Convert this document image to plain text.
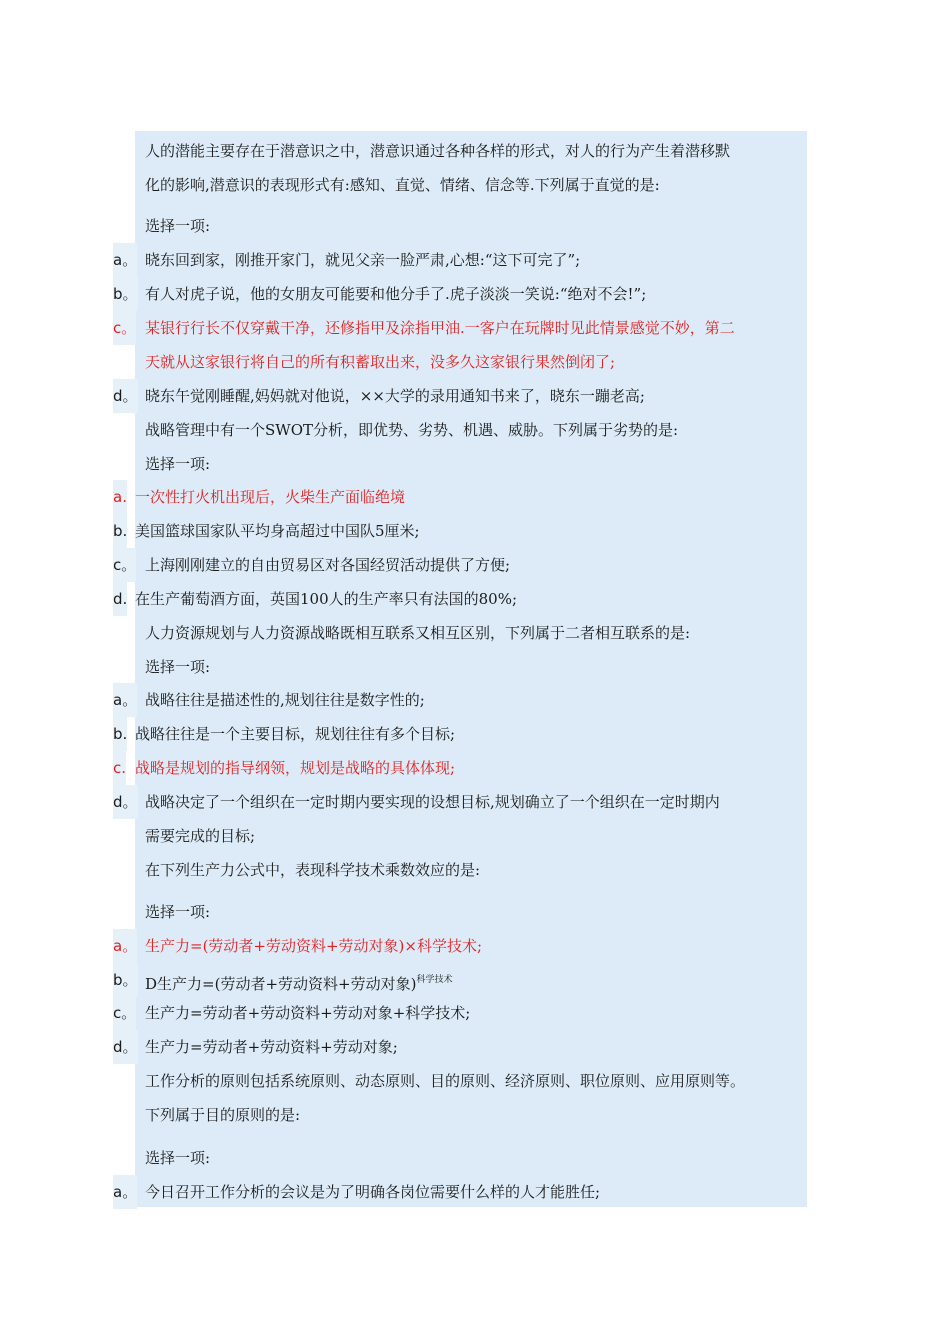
人的潜能主要存在于潜意识之中，潜意识通过各种各样的形式，对人的行为产生着潜移默
化的影响,潜意识的表现形式有:感知、直觉、情绪、信念等.下列属于直觉的是:
选择一项:
a。 晓东回到家，刚推开家门，就见父亲一脸严肃,心想:“这下可完了”;
b。 有人对虎子说，他的女朋友可能要和他分手了.虎子淡淡一笑说:“绝对不会!”;
c。 某银行行长不仅穿戴干净，还修指甲及涂指甲油.一客户在玩牌时见此情景感觉不妙，第二
天就从这家银行将自己的所有积蓄取出来，没多久这家银行果然倒闭了;
d。 晓东午觉刚睡醒,妈妈就对他说，××大学的录用通知书来了，晓东一蹦老高;
战略管理中有一个SWOT分析，即优势、劣势、机遇、威胁。下列属于劣势的是:
选择一项:
a. 一次性打火机出现后，火柴生产面临绝境
b. 美国篮球国家队平均身高超过中国队5厘米;
c。 上海刚刚建立的自由贸易区对各国经贸活动提供了方便;
d. 在生产葡萄酒方面，英国100人的生产率只有法国的80%;
人力资源规划与人力资源战略既相互联系又相互区别，下列属于二者相互联系的是:
选择一项:
a。 战略往往是描述性的,规划往往是数字性的;
b. 战略往往是一个主要目标，规划往往有多个目标;
c. 战略是规划的指导纲领，规划是战略的具体体现;
d。 战略决定了一个组织在一定时期内要实现的设想目标,规划确立了一个组织在一定时期内
需要完成的目标;
在下列生产力公式中，表现科学技术乘数效应的是:
选择一项:
a。 生产力=(劳动者+劳动资料+劳动对象)×科学技术;
b。 D生产力=(劳动者+劳动资料+劳动对象)$^{科学技术}$
c。 生产力=劳动者+劳动资料+劳动对象+科学技术;
d。 生产力=劳动者+劳动资料+劳动对象;
工作分析的原则包括系统原则、动态原则、目的原则、经济原则、职位原则、应用原则等。
下列属于目的原则的是:
选择一项:
a。 今日召开工作分析的会议是为了明确各岗位需要什么样的人才能胜任;
